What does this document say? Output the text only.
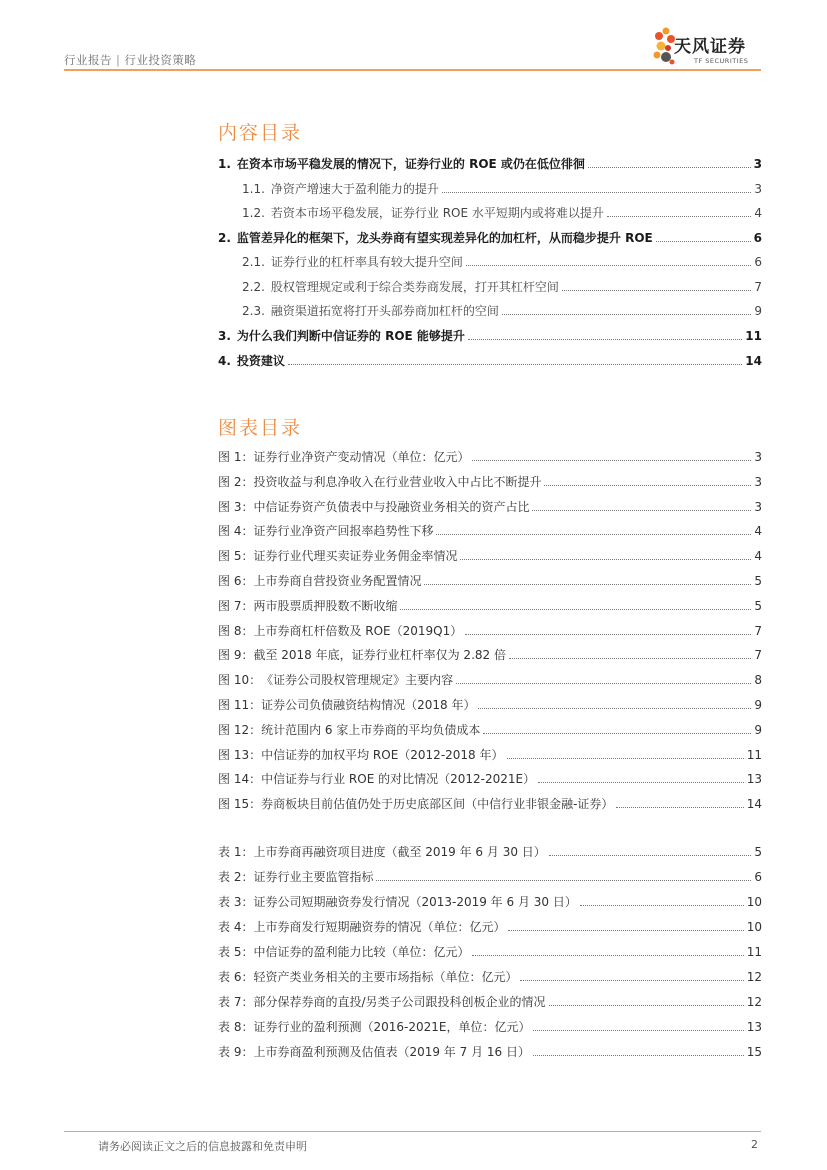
行业报告 | 行业投资策略
天风证券
TF SECURITIES
内容目录
1. 在资本市场平稳发展的情况下，证券行业的 ROE 或仍在低位徘徊	3
1.1. 净资产增速大于盈利能力的提升	3
1.2. 若资本市场平稳发展，证券行业 ROE 水平短期内或将难以提升	4
2. 监管差异化的框架下，龙头券商有望实现差异化的加杠杆，从而稳步提升 ROE	6
2.1. 证券行业的杠杆率具有较大提升空间	6
2.2. 股权管理规定或利于综合类券商发展，打开其杠杆空间	7
2.3. 融资渠道拓宽将打开头部券商加杠杆的空间	9
3. 为什么我们判断中信证券的 ROE 能够提升	11
4. 投资建议	14
图表目录
图 1： 证券行业净资产变动情况（单位：亿元）	3
图 2： 投资收益与利息净收入在行业营业收入中占比不断提升	3
图 3： 中信证券资产负债表中与投融资业务相关的资产占比	3
图 4： 证券行业净资产回报率趋势性下移	4
图 5： 证券行业代理买卖证券业务佣金率情况	4
图 6： 上市券商自营投资业务配置情况	5
图 7： 两市股票质押股数不断收缩	5
图 8： 上市券商杠杆倍数及 ROE（2019Q1）	7
图 9： 截至 2018 年底，证券行业杠杆率仅为 2.82 倍	7
图 10： 《证券公司股权管理规定》主要内容	8
图 11： 证券公司负债融资结构情况（2018 年）	9
图 12： 统计范围内 6 家上市券商的平均负债成本	9
图 13： 中信证券的加权平均 ROE（2012-2018 年）	11
图 14： 中信证券与行业 ROE 的对比情况（2012-2021E）	13
图 15： 券商板块目前估值仍处于历史底部区间（中信行业非银金融-证券）	14
表 1： 上市券商再融资项目进度（截至 2019 年 6 月 30 日）	5
表 2： 证券行业主要监管指标	6
表 3： 证券公司短期融资券发行情况（2013-2019 年 6 月 30 日）	10
表 4： 上市券商发行短期融资券的情况（单位：亿元）	10
表 5： 中信证券的盈利能力比较（单位：亿元）	11
表 6： 轻资产类业务相关的主要市场指标（单位：亿元）	12
表 7： 部分保荐券商的直投/另类子公司跟投科创板企业的情况	12
表 8： 证券行业的盈利预测（2016-2021E，单位：亿元）	13
表 9： 上市券商盈利预测及估值表（2019 年 7 月 16 日）	15
请务必阅读正文之后的信息披露和免责申明	2
